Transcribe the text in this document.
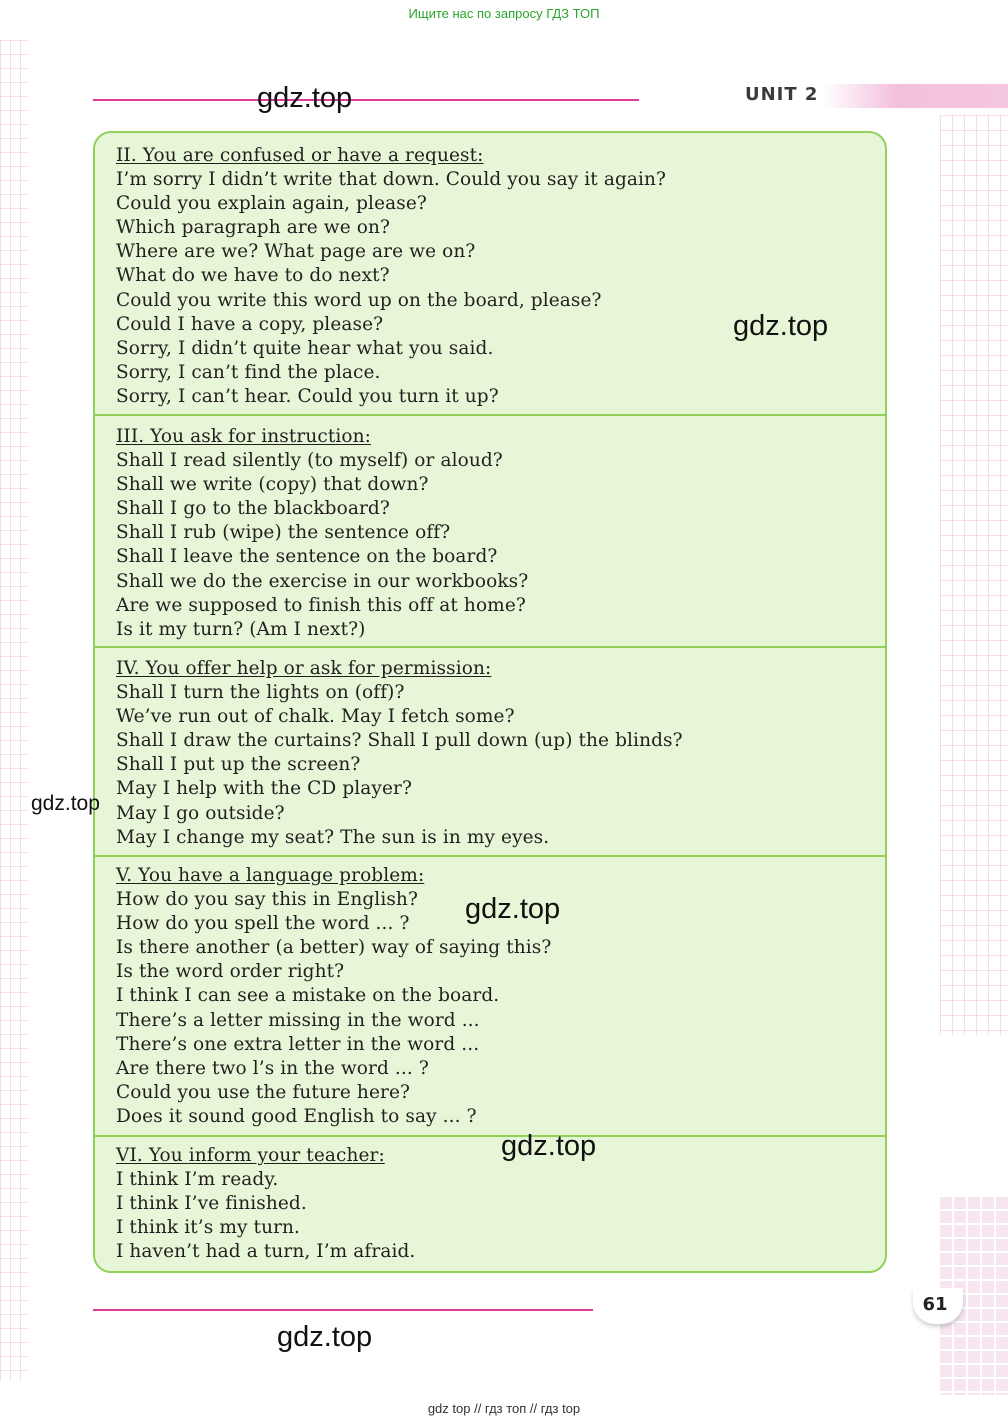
Ищите нас по запросу ГДЗ ТОП
UNIT 2
II. You are confused or have a request:
I’m sorry I didn’t write that down. Could you say it again?
Could you explain again, please?
Which paragraph are we on?
Where are we? What page are we on?
What do we have to do next?
Could you write this word up on the board, please?
Could I have a copy, please?
Sorry, I didn’t quite hear what you said.
Sorry, I can’t find the place.
Sorry, I can’t hear. Could you turn it up?
III. You ask for instruction:
Shall I read silently (to myself) or aloud?
Shall we write (copy) that down?
Shall I go to the blackboard?
Shall I rub (wipe) the sentence off?
Shall I leave the sentence on the board?
Shall we do the exercise in our workbooks?
Are we supposed to finish this off at home?
Is it my turn? (Am I next?)
IV. You offer help or ask for permission:
Shall I turn the lights on (off)?
We’ve run out of chalk. May I fetch some?
Shall I draw the curtains? Shall I pull down (up) the blinds?
Shall I put up the screen?
May I help with the CD player?
May I go outside?
May I change my seat? The sun is in my eyes.
V. You have a language problem:
How do you say this in English?
How do you spell the word ... ?
Is there another (a better) way of saying this?
Is the word order right?
I think I can see a mistake on the board.
There’s a letter missing in the word ...
There’s one extra letter in the word ...
Are there two l’s in the word ... ?
Could you use the future here?
Does it sound good English to say ... ?
VI. You inform your teacher:
I think I’m ready.
I think I’ve finished.
I think it’s my turn.
I haven’t had a turn, I’m afraid.
61
gdz.top
gdz.top
gdz.top
gdz.top
gdz.top
gdz.top
gdz top // гдз топ // гдз top
